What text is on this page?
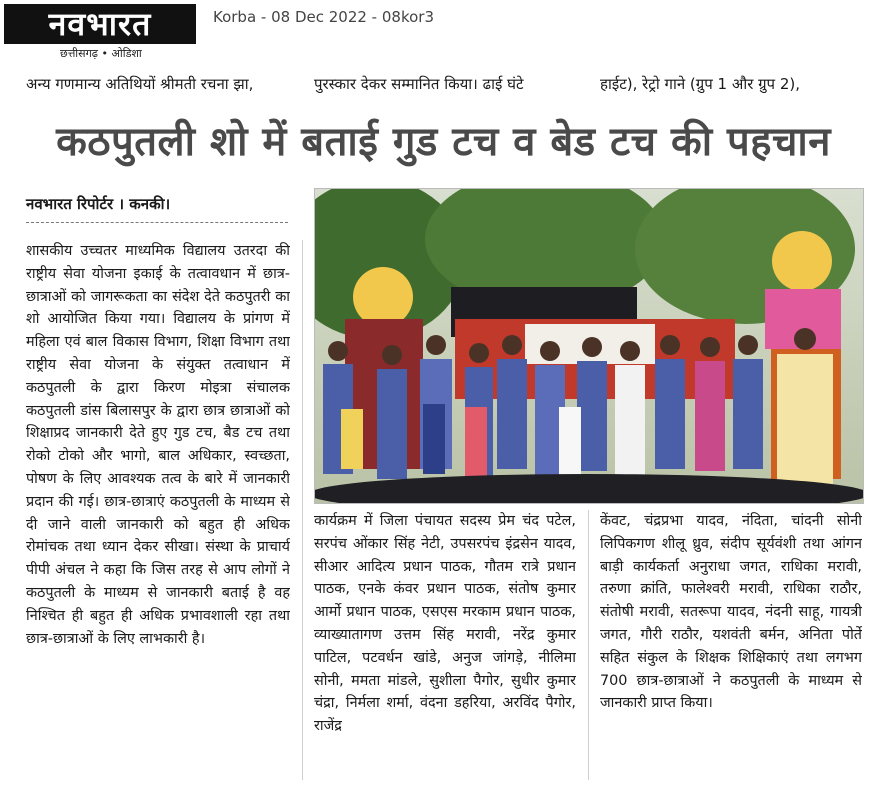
नवभारत
छत्तीसगढ़ • ओडिशा
Korba - 08 Dec 2022 - 08kor3
अन्य गणमान्य अतिथियों श्रीमती रचना झा,	पुरस्कार देकर सम्मानित किया। ढाई घंटे	हाईट), रेट्रो गाने (ग्रुप 1 और ग्रुप 2),
कठपुतली शो में बताई गुड टच व बेड टच की पहचान
नवभारत रिपोर्टर । कनकी।

शासकीय उच्चतर माध्यमिक विद्यालय उतरदा की राष्ट्रीय सेवा योजना इकाई के तत्वावधान में छात्र-छात्राओं को जागरूकता का संदेश देते कठपुतरी का शो आयोजित किया गया। विद्यालय के प्रांगण में महिला एवं बाल विकास विभाग, शिक्षा विभाग तथा राष्ट्रीय सेवा योजना के संयुक्त तत्वाधान में कठपुतली के द्वारा किरण मोइत्रा संचालक कठपुतली डांस बिलासपुर के द्वारा छात्र छात्राओं को शिक्षाप्रद जानकारी देते हुए गुड टच, बैड टच तथा रोको टोको और भागो, बाल अधिकार, स्वच्छता, पोषण के लिए आवश्यक तत्व के बारे में जानकारी प्रदान की गई। छात्र-छात्राएं कठपुतली के माध्यम से दी जाने वाली जानकारी को बहुत ही अधिक रोमांचक तथा ध्यान देकर सीखा। संस्था के प्राचार्य पीपी अंचल ने कहा कि जिस तरह से आप लोगों ने कठपुतली के माध्यम से जानकारी बताई है वह निश्चित ही बहुत ही अधिक प्रभावशाली रहा तथा छात्र-छात्राओं के लिए लाभकारी है।

कार्यक्रम में जिला पंचायत सदस्य प्रेम चंद पटेल, सरपंच ओंकार सिंह नेटी, उपसरपंच इंद्रसेन यादव, सीआर आदित्य प्रधान पाठक, गौतम रात्रे प्रधान पाठक, एनके कंवर प्रधान पाठक, संतोष कुमार आर्मो प्रधान पाठक, एसएस मरकाम प्रधान पाठक, व्याख्यातागण उत्तम सिंह मरावी, नरेंद्र कुमार पाटिल, पटवर्धन खांडे, अनुज जांगड़े, नीलिमा सोनी, ममता मांडले, सुशीला पैगोर, सुधीर कुमार चंद्रा, निर्मला शर्मा, वंदना डहरिया, अरविंद पैगोर, राजेंद्र

केंवट, चंद्रप्रभा यादव, नंदिता, चांदनी सोनी लिपिकगण शीलू ध्रुव, संदीप सूर्यवंशी तथा आंगन बाड़ी कार्यकर्ता अनुराधा जगत, राधिका मरावी, तरुणा क्रांति, फालेश्वरी मरावी, राधिका राठौर, संतोषी मरावी, सतरूपा यादव, नंदनी साहू, गायत्री जगत, गौरी राठौर, यशवंती बर्मन, अनिता पोर्ते सहित संकुल के शिक्षक शिक्षिकाएं तथा लगभग 700 छात्र-छात्राओं ने कठपुतली के माध्यम से जानकारी प्राप्त किया।
